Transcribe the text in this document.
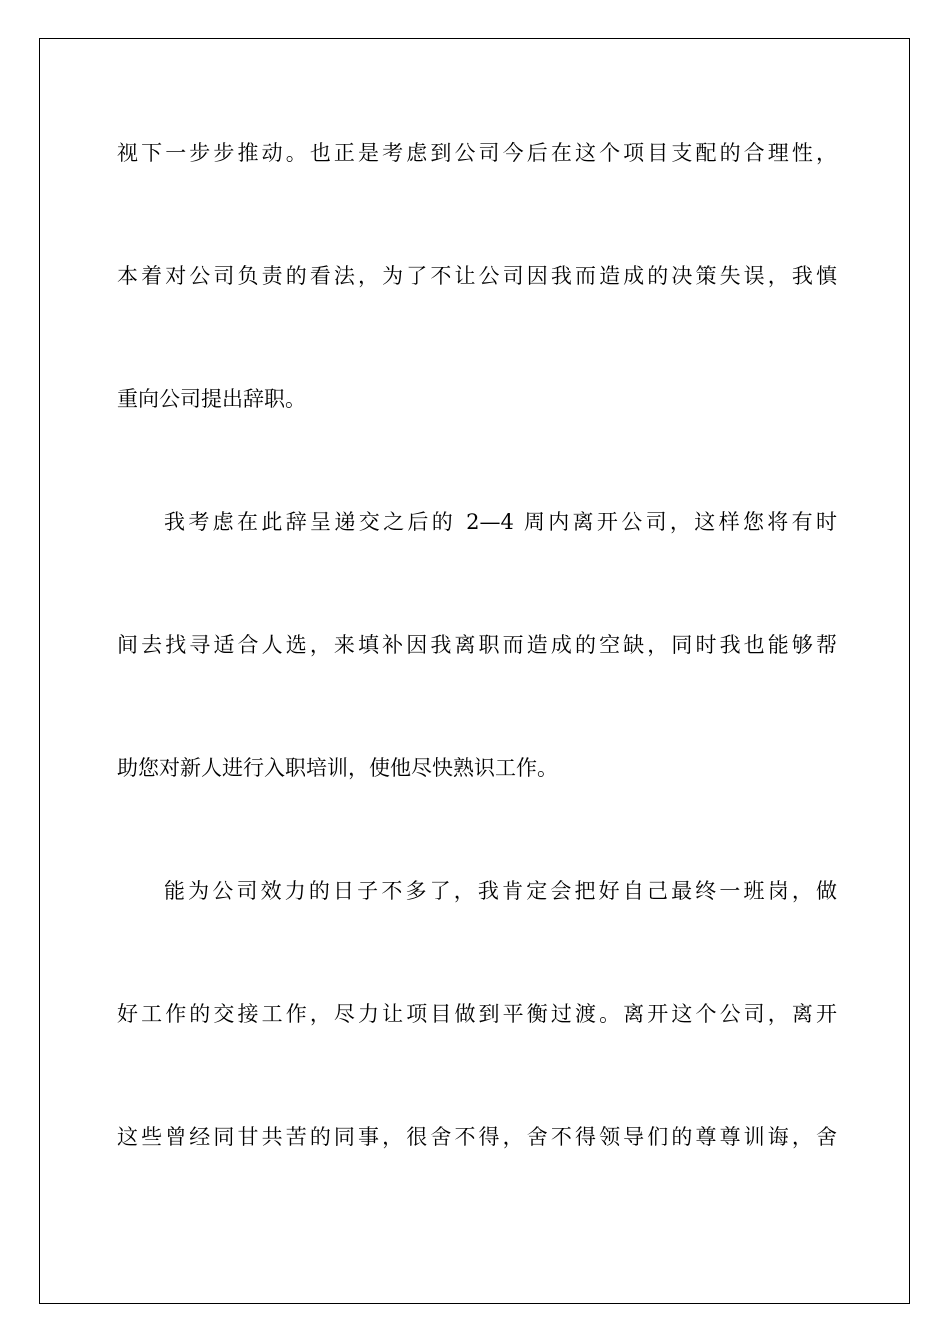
视下一步步推动。也正是考虑到公司今后在这个项目支配的合理性，
本着对公司负责的看法，为了不让公司因我而造成的决策失误，我慎
重向公司提出辞职。
我考虑在此辞呈递交之后的 2—4 周内离开公司，这样您将有时
间去找寻适合人选，来填补因我离职而造成的空缺，同时我也能够帮
助您对新人进行入职培训，使他尽快熟识工作。
能为公司效力的日子不多了，我肯定会把好自己最终一班岗，做
好工作的交接工作，尽力让项目做到平衡过渡。离开这个公司，离开
这些曾经同甘共苦的同事，很舍不得，舍不得领导们的尊尊训诲，舍
